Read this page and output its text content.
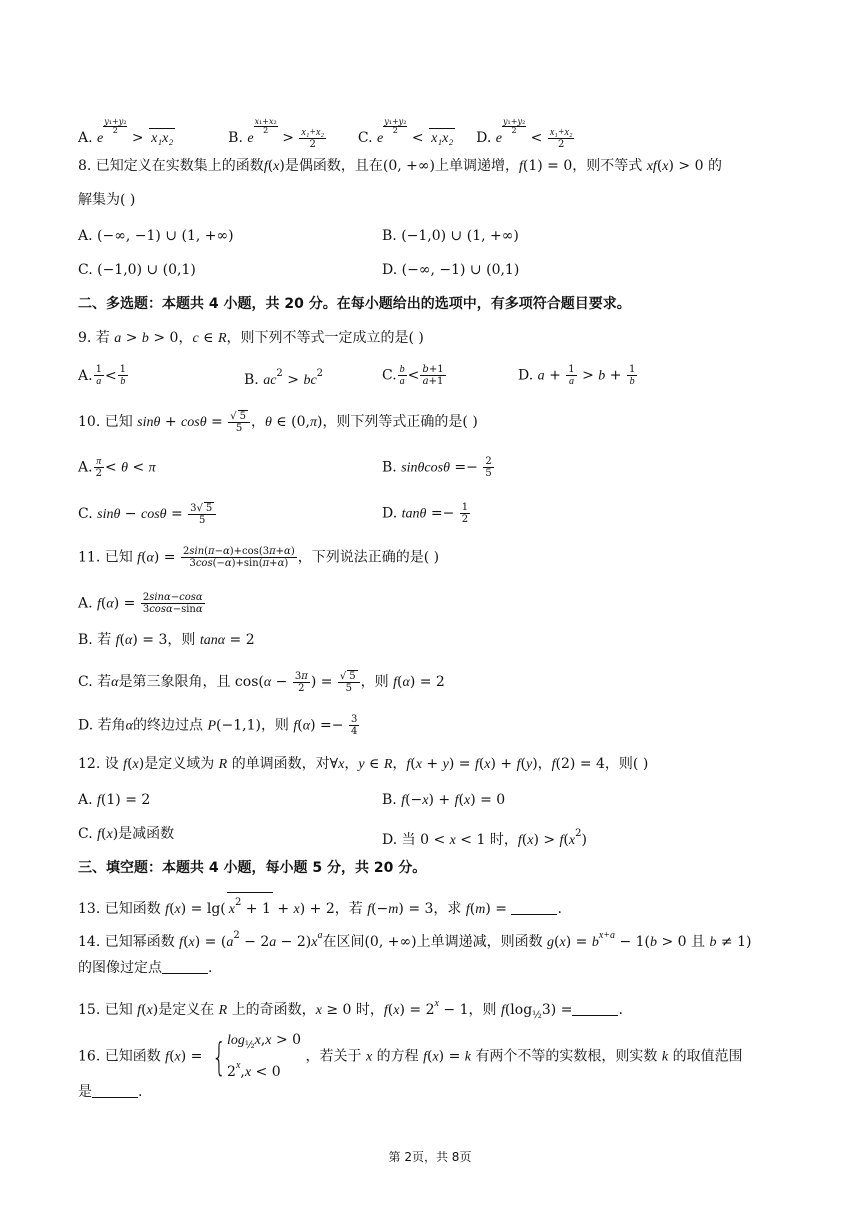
A. e
$\frac{\text{y₁+y₂}}{2}$
> x₁x₂	B. e
$\frac{\text{x₁+x₂}}{2}$
> $\frac{\text{x₁+x₂}}{2} C$. e
$\frac{\text{y₁+y₂}}{2}$
< x₁x₂ D. e
$\frac{\text{y₁+y₂}}{2}$
< $\frac{\text{x₁+x₂}}{2}$
8. 已知定义在实数集上的函数f(x)是偶函数，且在(0, +∞)上单调递增，f(1) = 0，则不等式 xf(x) > 0 的
解集为( )
A. (−∞, −1) ∪ (1, +∞)	B. (−1,0) ∪ (1, +∞)
C. (−1,0) ∪ (0,1)	D. (−∞, −1) ∪ (0,1)
二、多选题：本题共 4 小题，共 20 分。在每小题给出的选项中，有多项符合题目要求。
9. 若 a > b > 0，c ∈ R，则下列不等式一定成立的是( )
A. $\frac{1}{a} < \frac{1}{b}$	B. $ac^2 > bc^2$	C. $\frac{b}{a} < \frac{b+1}{a+1}$	D. $a + \frac{1}{a} > b + \frac{1}{b}$
10. 已知 $\sin\theta + \cos\theta = \frac{√ 5}{5}$ ，θ ∈ (0,π)，则下列等式正确的是( )
A. $\frac{\pi}{2} < \theta < \pi$	B. $\sin\theta\cos\theta =- \frac{2}{5}$
C. $\sin\theta - \cos\theta = \frac{3√ 5}{5}$	D. $\tan\theta =- \frac{1}{2}$
11. 已知 $f(\alpha) = \frac{2\sin(\pi-\alpha)+\cos(3\pi+\alpha)}{3\cos(-\alpha)+\sin(\pi+\alpha)}$ ，下列说法正确的是( )
A. $f(\alpha) = \frac{2\sin\alpha-\cos\alpha}{3\cos\alpha-\sin\alpha}$
B. 若 f(α) = 3，则 tanα = 2
C. 若α是第三象限角，且 $\cos(\alpha - \frac{3\pi}{2}$ ) = $\frac{√ 5}{5}$ ，则 f(α) = 2
D. 若角α的终边过点 P(−1,1)，则 $f(\alpha) =- \frac{3}{4}$
12. 设 f(x)是定义域为 R 的单调函数，对∀x，y ∈ R，f(x + y) = f(x) + f(y)，f(2) = 4，则( )
A. f(1) = 2	B. f(−x) + f(x) = 0
C. f(x)是减函数	D. 当 0 < x < 1 时，$f(x) > f(x^2)$
三、填空题：本题共 4 小题，每小题 5 分，共 20 分。
13. 已知函数 f(x) = lg( $x^2 + 1 + x) + 2$，若 f(−m) = 3，求 f(m) =	.
14. 已知幂函数 $f(x) = (a^2 - 2a - 2)x^a$在区间(0, +∞)上单调递减，则函数 $g(x) = b^{x+a} - 1(b > 0$ 且 b ≠ 1)
的图像过定点	.
15. 已知 f(x)是定义在 R 上的奇函数，x ≥ 0 时，$f(x) = 2^x - 1$，则 $f(\log_{\frac{1}{2}}3)$ =	.
16. 已知函数 $f(x) = \{\log_{\frac{1}{2}}x,x > 0$
$2^x,x < 0$ ，若关于 x 的方程 f(x) = k 有两个不等的实数根，则实数 k 的取值范围
是	.
第 2页，共 8页
